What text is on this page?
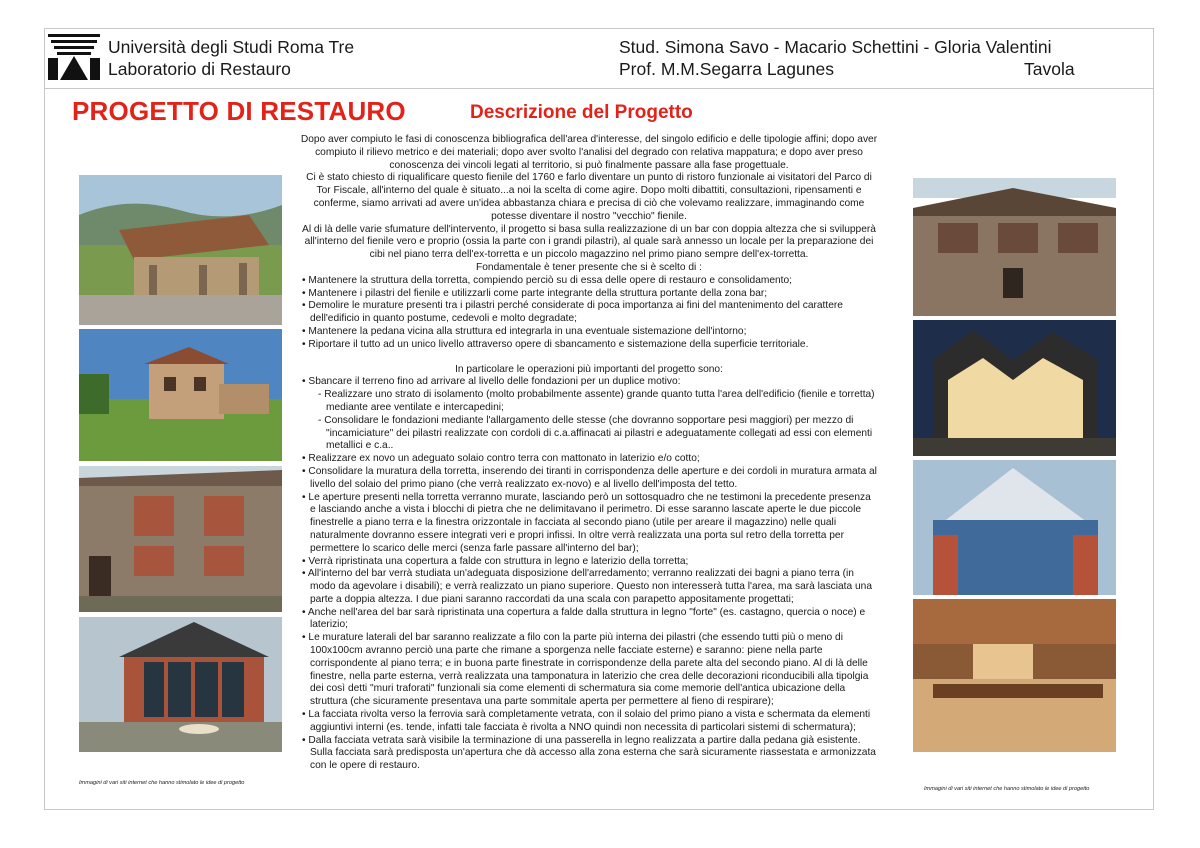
Università degli Studi Roma Tre
Laboratorio di Restauro
Stud. Simona Savo - Macario Schettini - Gloria Valentini
Prof. M.M.Segarra Lagunes	Tavola
PROGETTO DI RESTAURO	Descrizione del Progetto

Dopo aver compiuto le fasi di conoscenza bibliografica dell'area d'interesse, del singolo edificio e delle tipologie affini; dopo aver compiuto il rilievo metrico e dei materiali; dopo aver svolto l'analisi del degrado con relativa mappatura; e dopo aver preso conoscenza dei vincoli legati al territorio, si può finalmente passare alla fase progettuale.

Ci è stato chiesto di riqualificare questo fienile del 1760 e farlo diventare un punto di ristoro funzionale ai visitatori del Parco di Tor Fiscale, all'interno del quale è situato...a noi la scelta di come agire. Dopo molti dibattiti, consultazioni, ripensamenti e conferme, siamo arrivati ad avere un'idea abbastanza chiara e precisa di ciò che volevamo realizzare, immaginando come potesse diventare il nostro "vecchio" fienile.

Al di là delle varie sfumature dell'intervento, il progetto si basa sulla realizzazione di un bar con doppia altezza che si svilupperà all'interno del fienile vero e proprio (ossia la parte con i grandi pilastri), al quale sarà annesso un locale per la preparazione dei cibi nel piano terra dell'ex-torretta e un piccolo magazzino nel primo piano sempre dell'ex-torretta.

Fondamentale è tener presente che si è scelto di :

• Mantenere la struttura della torretta, compiendo perciò su di essa delle opere di restauro e consolidamento;

• Mantenere i pilastri del fienile e utilizzarli come parte integrante della struttura portante della zona bar;

• Demolire le murature presenti tra i pilastri perché considerate di poca importanza ai fini del mantenimento del carattere dell'edificio in quanto postume, cedevoli e molto degradate;

• Mantenere la pedana vicina alla struttura ed integrarla in una eventuale sistemazione dell'intorno;

• Riportare il tutto ad un unico livello attraverso opere di sbancamento e sistemazione della superficie territoriale.

In particolare le operazioni più importanti del progetto sono:

• Sbancare il terreno fino ad arrivare al livello delle fondazioni per un duplice motivo:

- Realizzare uno strato di isolamento (molto probabilmente assente) grande quanto tutta l'area dell'edificio (fienile e torretta) mediante aree ventilate e intercapedini;

- Consolidare le fondazioni mediante l'allargamento delle stesse (che dovranno sopportare pesi maggiori) per mezzo di "incamiciature" dei pilastri realizzate con cordoli di c.a.affinacati ai pilastri e adeguatamente collegati ad essi con elementi metallici e c.a..

• Realizzare ex novo un adeguato solaio contro terra con mattonato in laterizio e/o cotto;

• Consolidare la muratura della torretta, inserendo dei tiranti in corrispondenza delle aperture e dei cordoli in muratura armata al livello del solaio del primo piano (che verrà realizzato ex-novo) e al livello dell'imposta del tetto.

• Le aperture presenti nella torretta verranno murate, lasciando però un sottosquadro che ne testimoni la precedente presenza e lasciando anche a vista i blocchi di pietra che ne delimitavano il perimetro. Di esse saranno lascate aperte le due piccole finestrelle a piano terra e la finestra orizzontale in facciata al secondo piano (utile per areare il magazzino) nelle quali naturalmente dovranno essere integrati veri e propri infissi. In oltre verrà realizzata una porta sul retro della torretta per permettere lo scarico delle merci (senza farle passare all'interno del bar);

• Verrà ripristinata una copertura a falde con struttura in legno e laterizio della torretta;

• All'interno del bar verrà studiata un'adeguata disposizione dell'arredamento; verranno realizzati dei bagni a piano terra (in modo da agevolare i disabili); e verrà realizzato un piano superiore. Questo non interesserà tutta l'area, ma sarà lasciata una parte a doppia altezza. I due piani saranno raccordati da una scala con parapetto appositamente progettati;

• Anche nell'area del bar sarà ripristinata una copertura a falde dalla struttura in legno "forte" (es. castagno, quercia o noce) e laterizio;

• Le murature laterali del bar saranno realizzate a filo con la parte più interna dei pilastri (che essendo tutti più o meno di 100x100cm avranno perciò una parte che rimane a sporgenza nelle facciate esterne) e saranno: piene nella parte corrispondente al piano terra; e in buona parte finestrate in corrispondenze della parete alta del secondo piano. Al di là delle finestre, nella parte esterna, verrà realizzata una tamponatura in laterizio che crea delle decorazioni riconducibili alla tipolgia dei così detti "muri traforati" funzionali sia come elementi di schermatura sia come memorie dell'antica ubicazione della struttura (che sicuramente presentava una parte sommitale aperta per permettere al fieno di respirare);

• La facciata rivolta verso la ferrovia sarà completamente vetrata, con il solaio del primo piano a vista e schermata da elementi aggiuntivi interni (es. tende, infatti tale facciata è rivolta a NNO quindi non necessita di particolari sistemi di schermatura);

• Dalla facciata vetrata sarà visibile la terminazione di una passerella in legno realizzata a partire dalla pedana già esistente. Sulla facciata sarà predisposta un'apertura che dà accesso alla zona esterna che sarà sicuramente riassestata e armonizzata con le opere di restauro.

Immagini di vari siti internet che hanno stimolato le idee di progetto
Immagini di vari siti internet che hanno stimolato le idee di progetto
